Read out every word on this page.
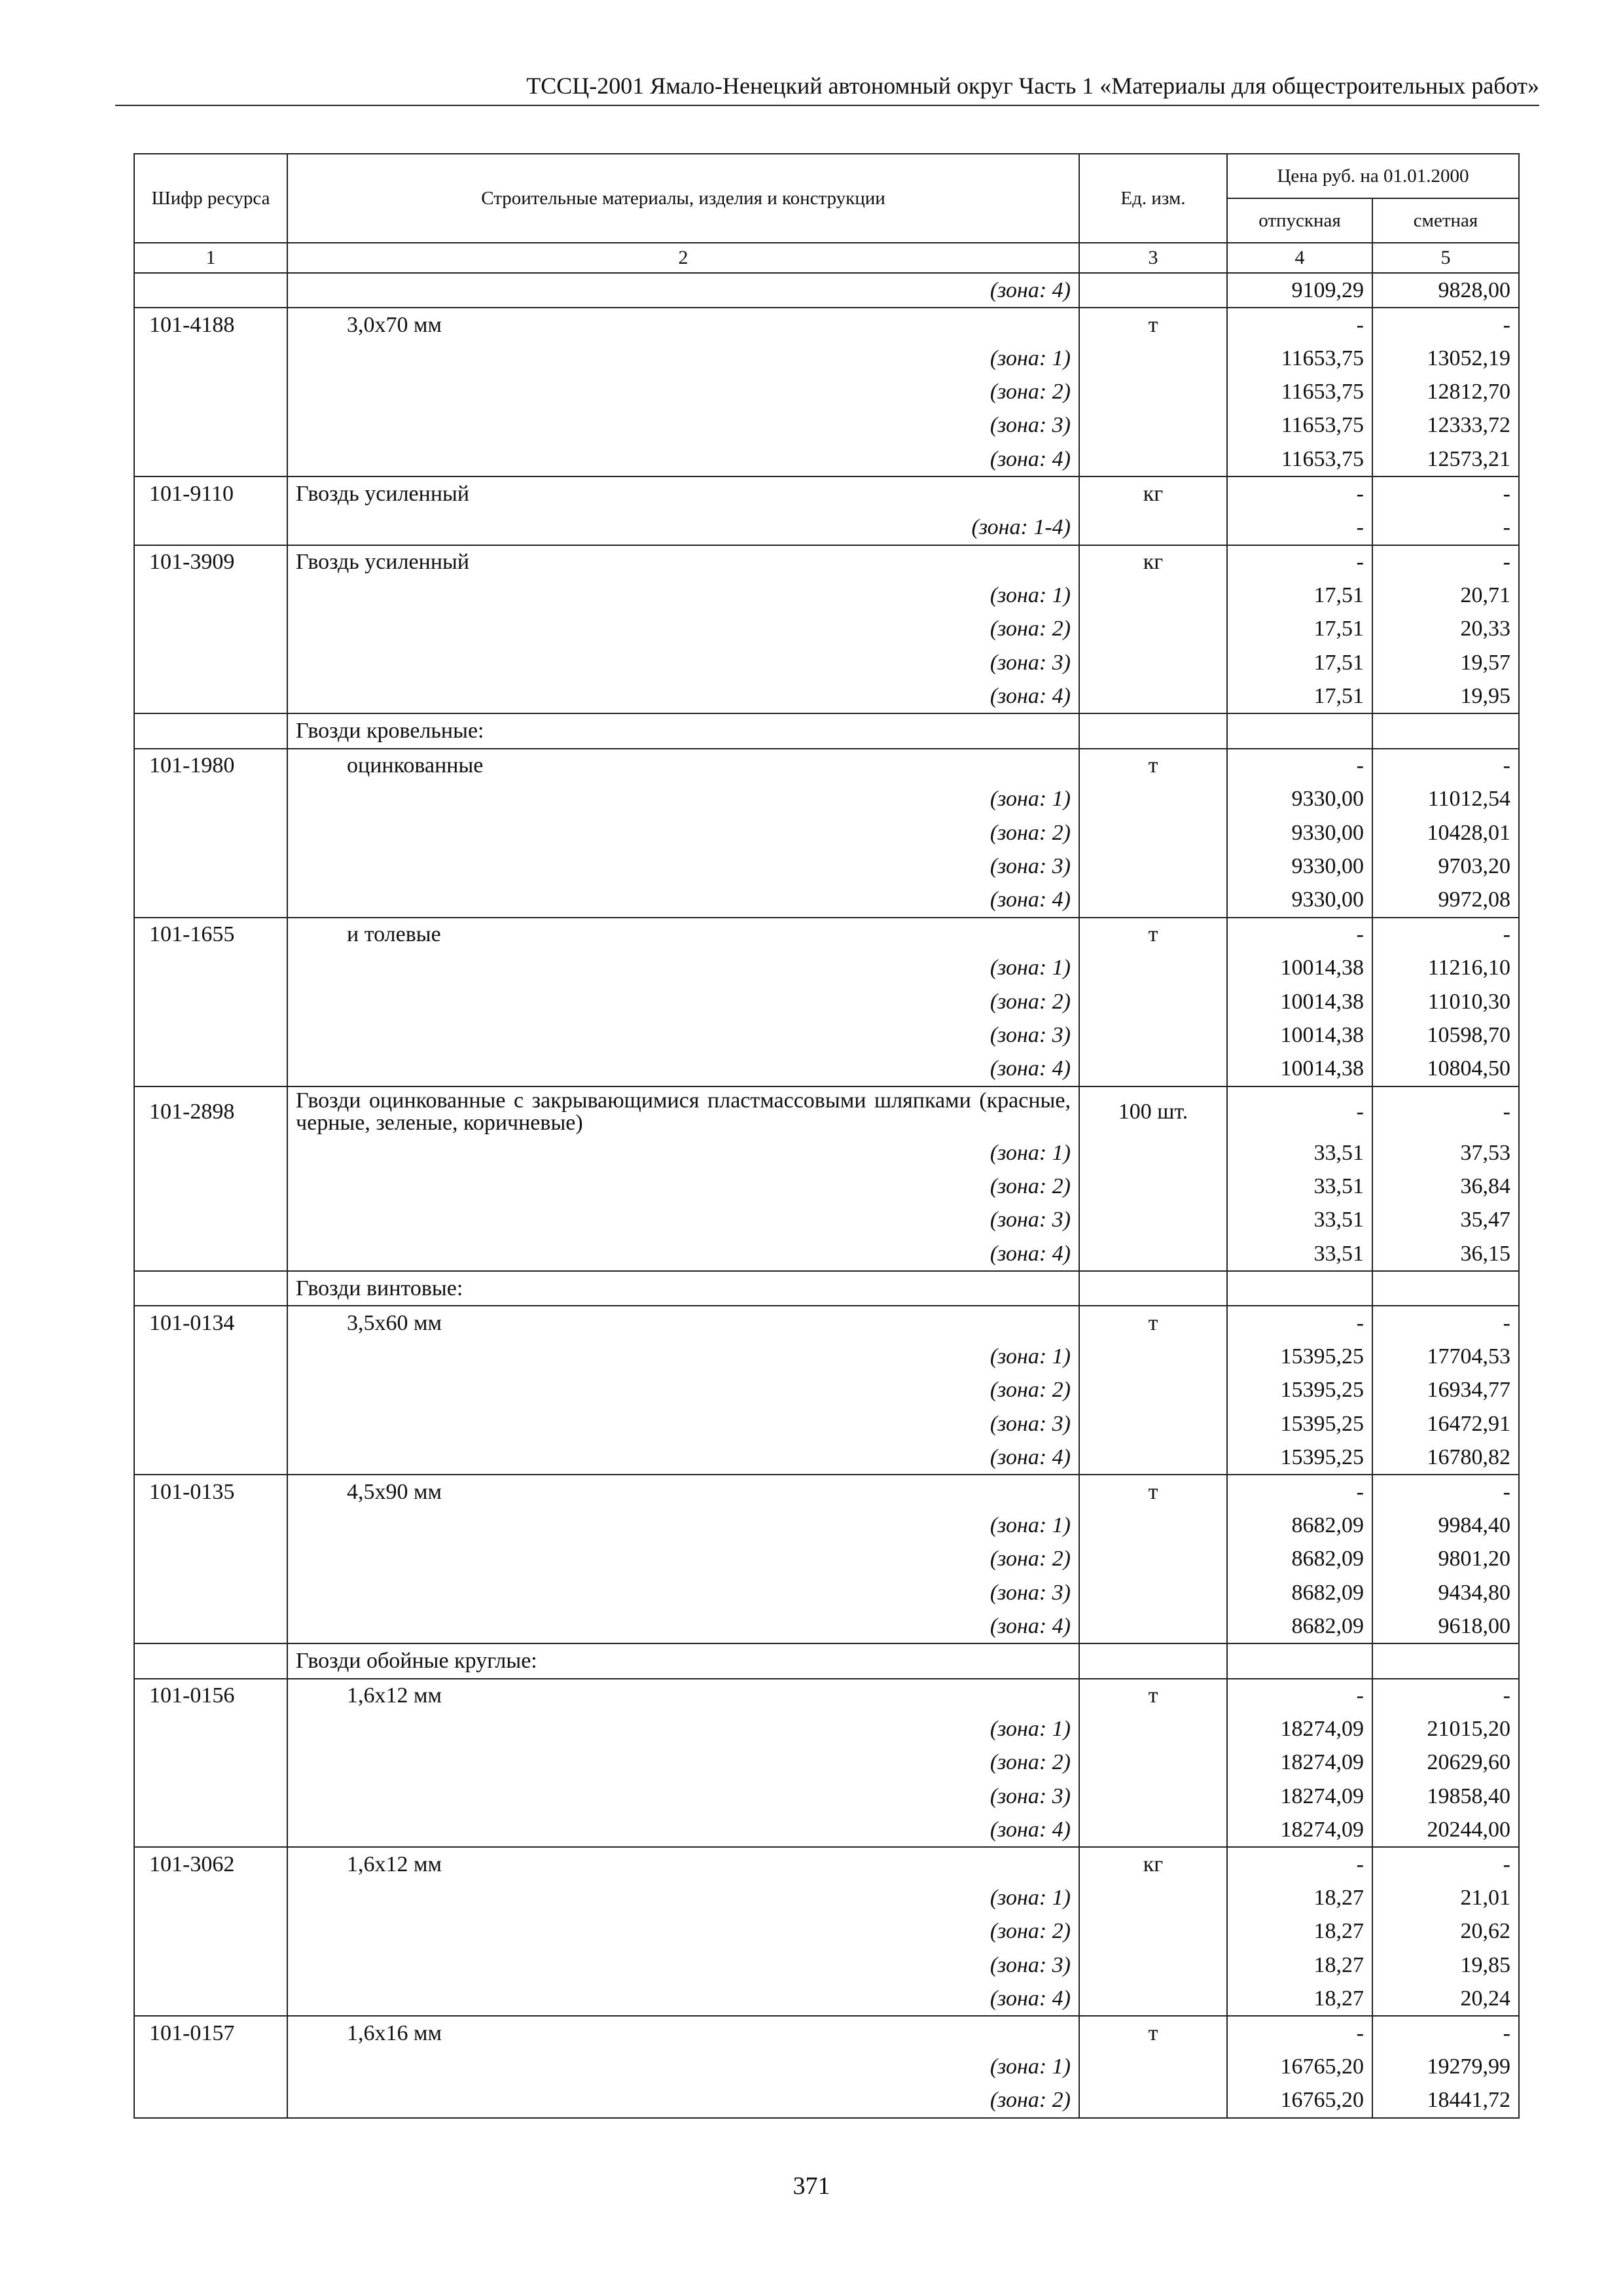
ТССЦ-2001 Ямало-Ненецкий автономный округ Часть 1 «Материалы для общестроительных работ»
Шифр ресурса	Строительные материалы, изделия и конструкции	Ед. изм.	Цена руб. на 01.01.2000	
			отпускная	сметная
1	2	3	4	5
	(зона: 4)		9109,29	9828,00
101-4188	3,0х70 мм	т	-	-
	(зона: 1)		11653,75	13052,19
	(зона: 2)		11653,75	12812,70
	(зона: 3)		11653,75	12333,72
	(зона: 4)		11653,75	12573,21
101-9110	Гвоздь усиленный	кг	-	-
	(зона: 1-4)		-	-
101-3909	Гвоздь усиленный	кг	-	-
	(зона: 1)		17,51	20,71
	(зона: 2)		17,51	20,33
	(зона: 3)		17,51	19,57
	(зона: 4)		17,51	19,95
	Гвозди кровельные:			
101-1980	оцинкованные	т	-	-
	(зона: 1)		9330,00	11012,54
	(зона: 2)		9330,00	10428,01
	(зона: 3)		9330,00	9703,20
	(зона: 4)		9330,00	9972,08
101-1655	и толевые	т	-	-
	(зона: 1)		10014,38	11216,10
	(зона: 2)		10014,38	11010,30
	(зона: 3)		10014,38	10598,70
	(зона: 4)		10014,38	10804,50
101-2898	Гвозди оцинкованные с закрывающимися пластмассовыми шляпками (красные, черные, зеленые, коричневые)	100 шт.	-	-
	(зона: 1)		33,51	37,53
	(зона: 2)		33,51	36,84
	(зона: 3)		33,51	35,47
	(зона: 4)		33,51	36,15
	Гвозди винтовые:			
101-0134	3,5х60 мм	т	-	-
	(зона: 1)		15395,25	17704,53
	(зона: 2)		15395,25	16934,77
	(зона: 3)		15395,25	16472,91
	(зона: 4)		15395,25	16780,82
101-0135	4,5х90 мм	т	-	-
	(зона: 1)		8682,09	9984,40
	(зона: 2)		8682,09	9801,20
	(зона: 3)		8682,09	9434,80
	(зона: 4)		8682,09	9618,00
	Гвозди обойные круглые:			
101-0156	1,6х12 мм	т	-	-
	(зона: 1)		18274,09	21015,20
	(зона: 2)		18274,09	20629,60
	(зона: 3)		18274,09	19858,40
	(зона: 4)		18274,09	20244,00
101-3062	1,6х12 мм	кг	-	-
	(зона: 1)		18,27	21,01
	(зона: 2)		18,27	20,62
	(зона: 3)		18,27	19,85
	(зона: 4)		18,27	20,24
101-0157	1,6х16 мм	т	-	-
	(зона: 1)		16765,20	19279,99
	(зона: 2)		16765,20	18441,72
371
